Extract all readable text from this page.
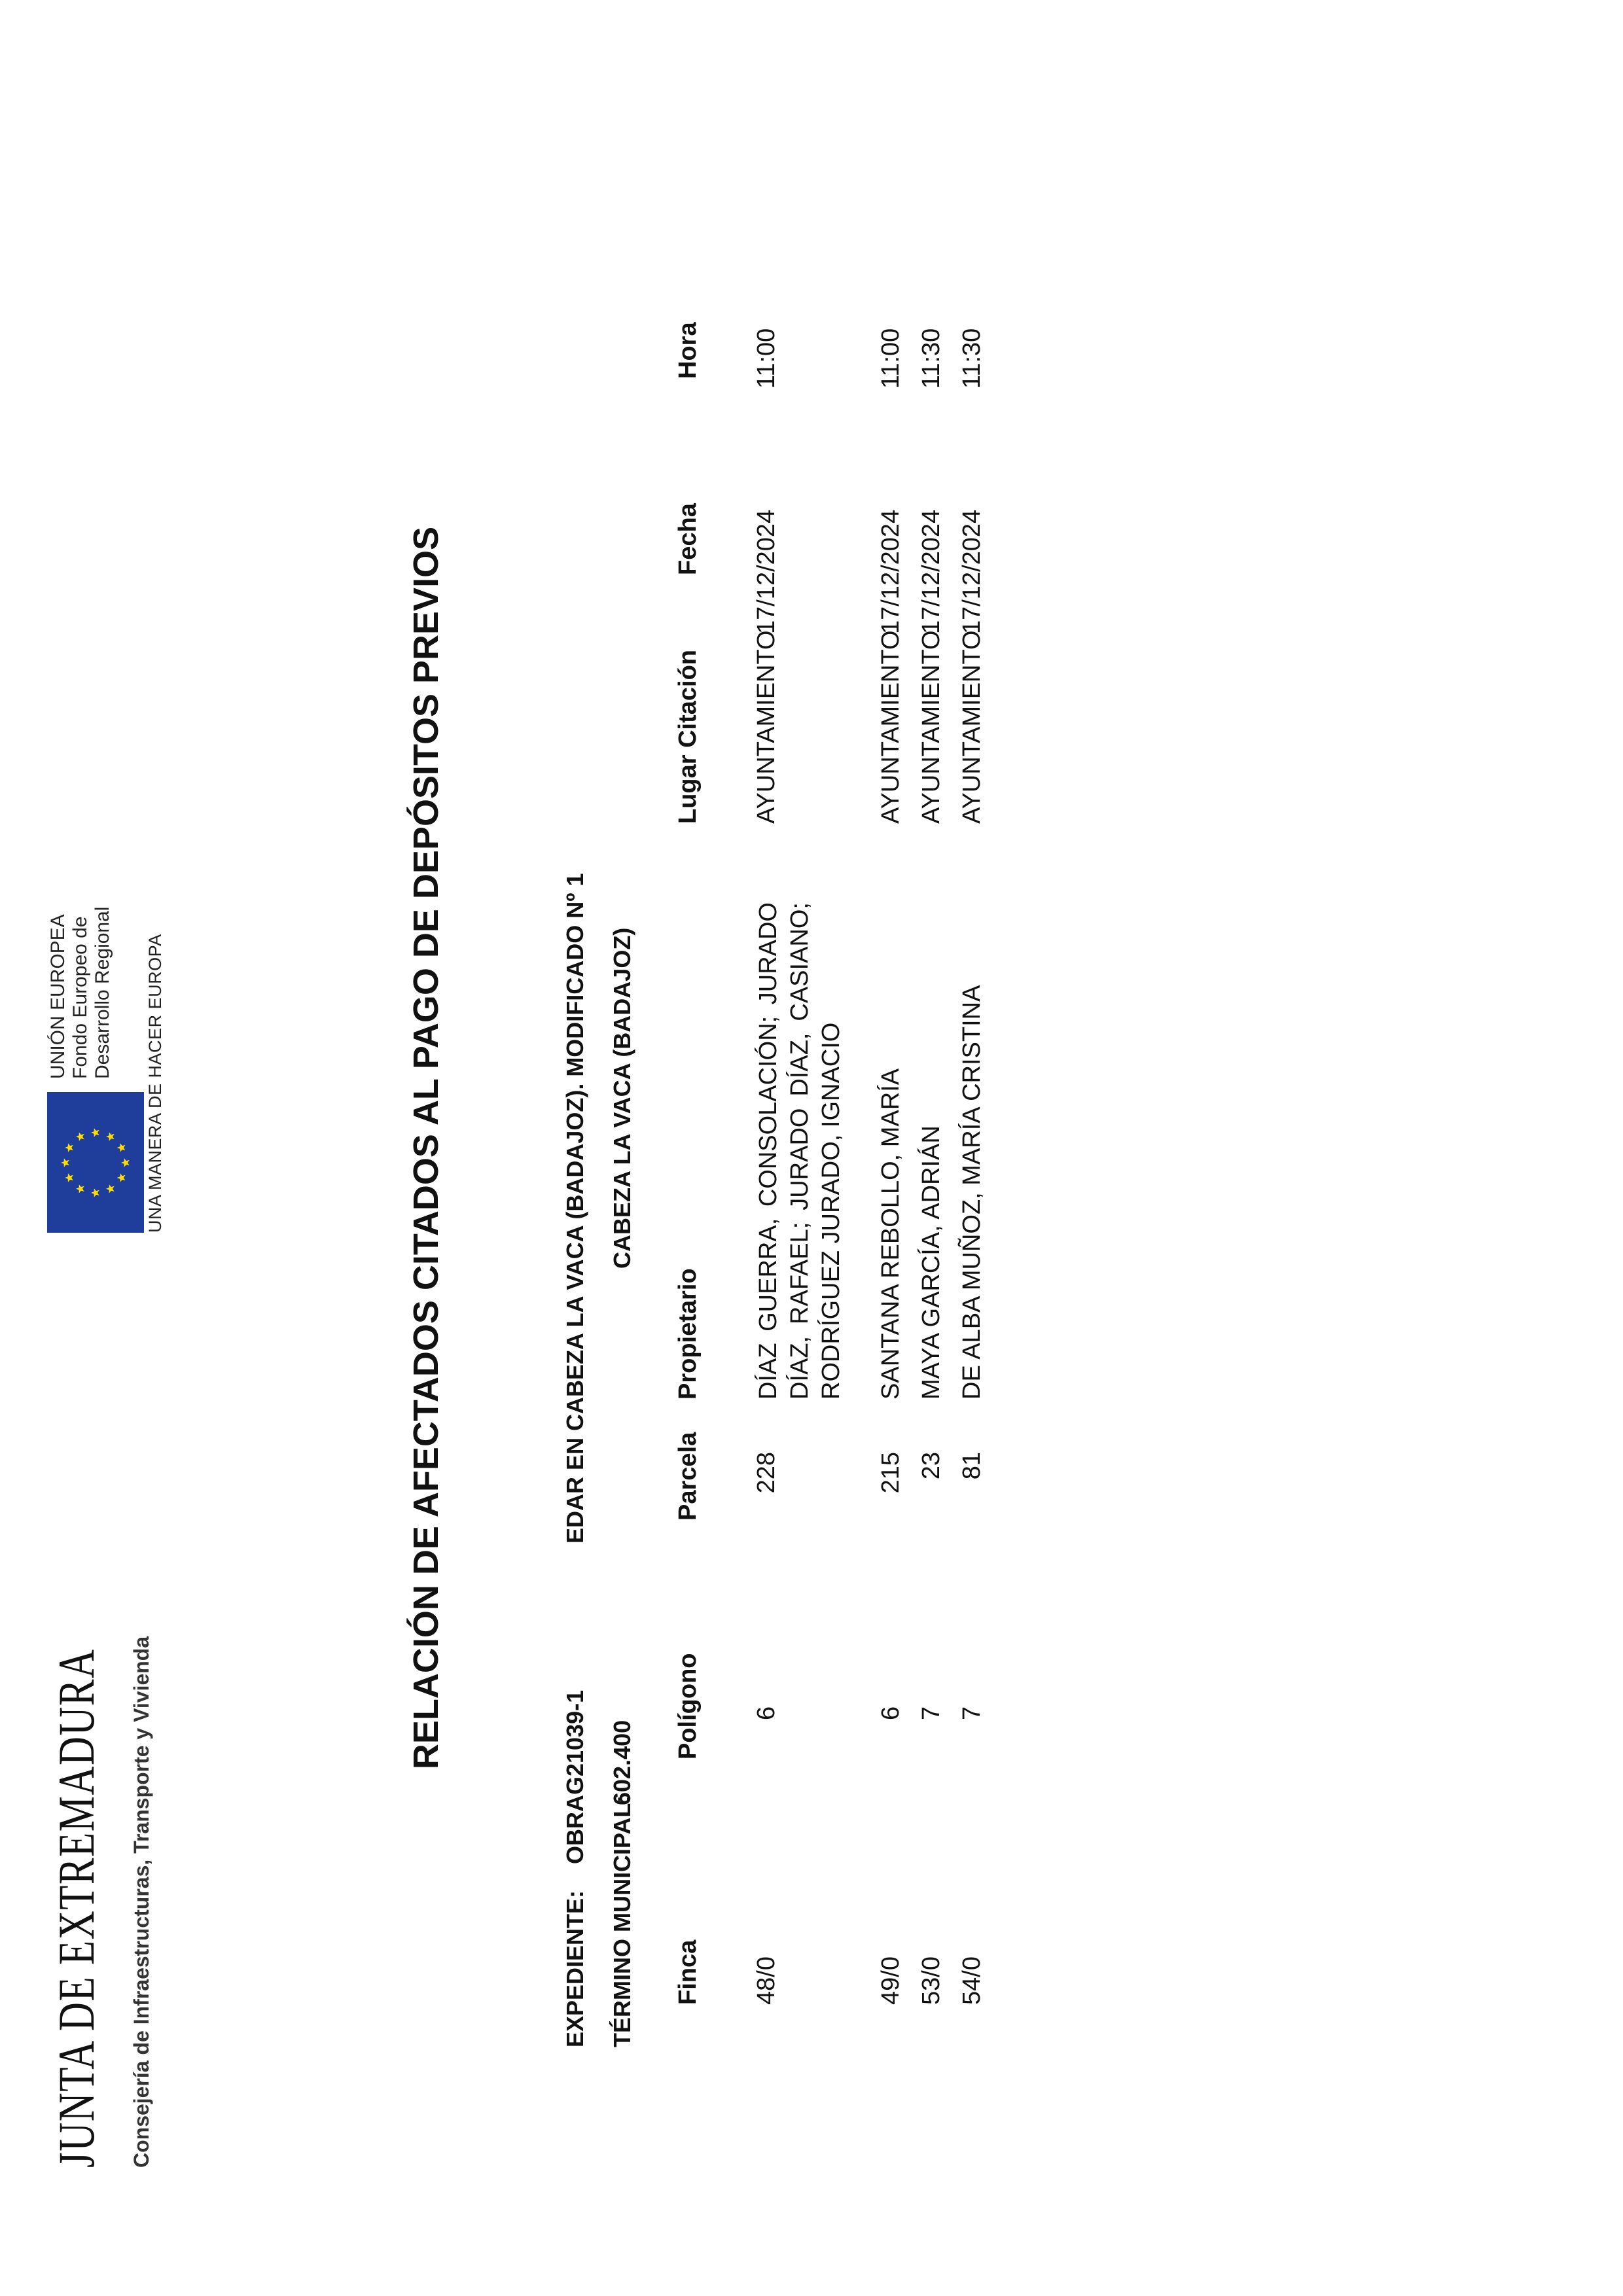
JUNTA DE EXTREMADURA Consejería de Infraestructuras, Transporte y Vivienda
UNIÓN EUROPEA Fondo Europeo de Desarrollo Regional UNA MANERA DE HACER EUROPA	RELACIÓN DE AFECTADOS CITADOS AL PAGO DE DEPÓSITOS PREVIOS
EXPEDIENTE:
OBRAG21039-1
EDAR EN CABEZA LA VACA (BADAJOZ). MODIFICADO Nº 1
TÉRMINO MUNICIPAL:
602.400
CABEZA LA VACA (BADAJOZ)
Finca
Polígono
Parcela
Propietario
Lugar Citación
Fecha
Hora
48/0
6
228
DÍAZ GUERRA, CONSOLACIÓN; JURADO DÍAZ, RAFAEL; JURADO DÍAZ, CASIANO; RODRÍGUEZ JURADO, IGNACIO
AYUNTAMIENTO
17/12/2024
11:00
49/0
6
215
SANTANA REBOLLO, MARÍA
AYUNTAMIENTO
17/12/2024
11:00
53/0
7
23
MAYA GARCÍA, ADRIÁN
AYUNTAMIENTO
17/12/2024
11:30
54/0
7
81
DE ALBA MUÑOZ, MARÍA CRISTINA
AYUNTAMIENTO
17/12/2024
11:30
